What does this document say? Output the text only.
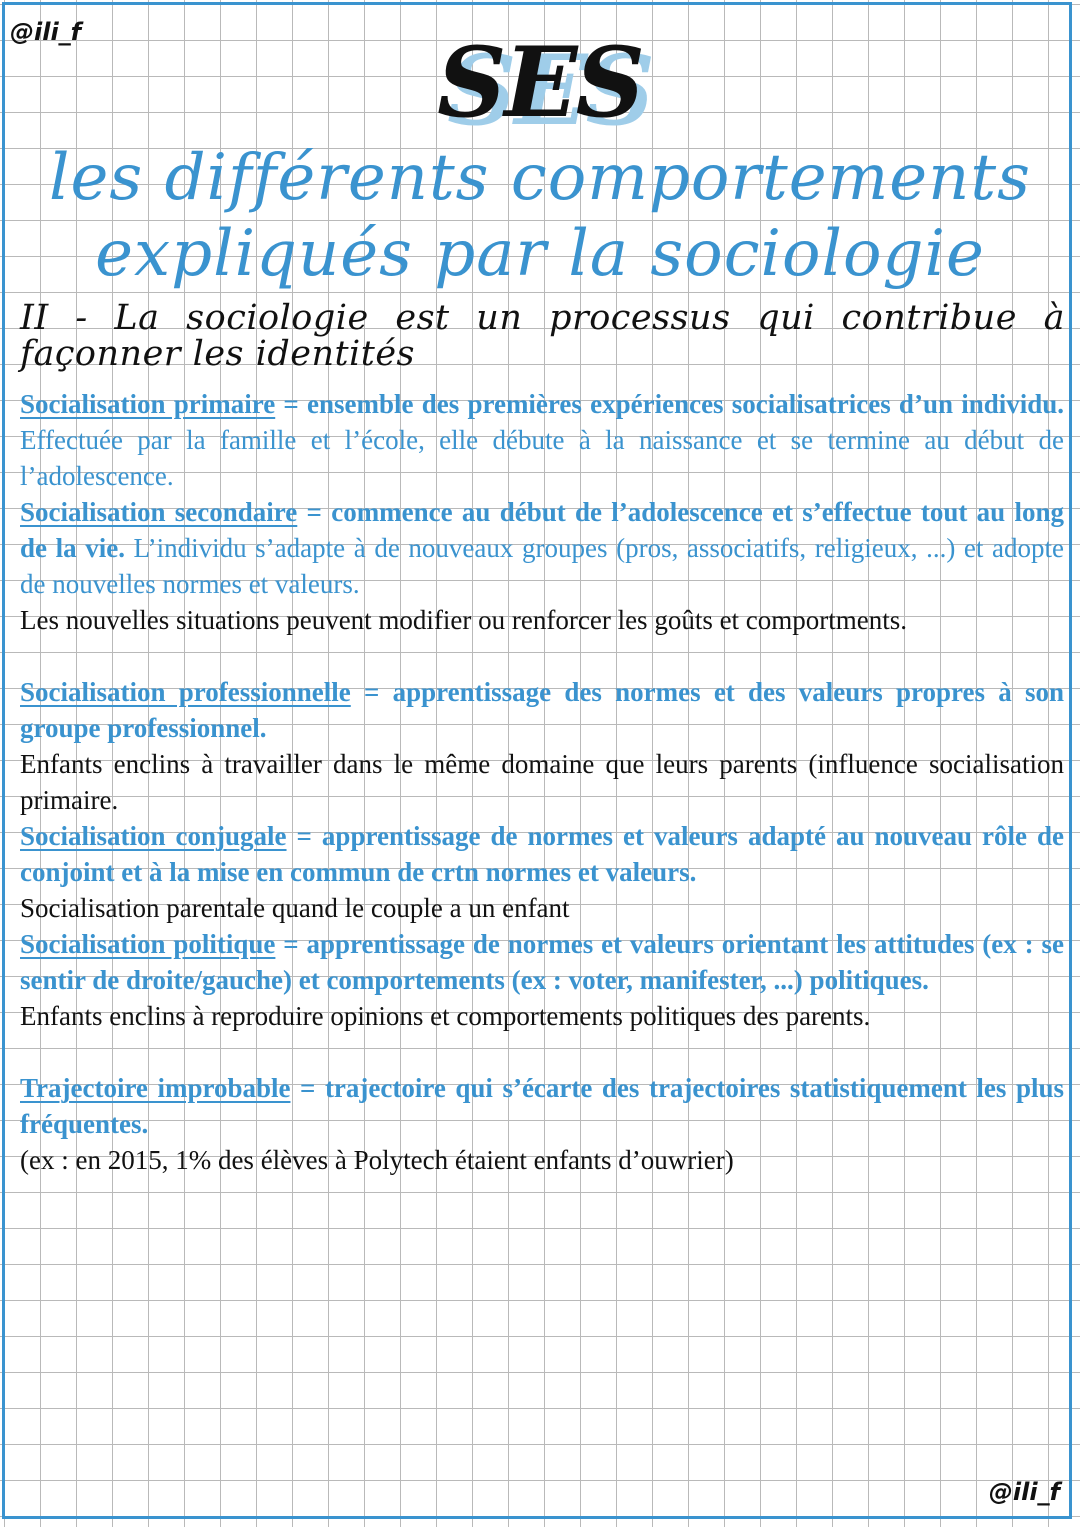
@ili_f	SES
les différents comportements
expliqués par la sociologie
II - La sociologie est un processus qui contribue à façonner les identités

Socialisation primaire = ensemble des premières expériences socialisatrices d’un individu. Effectuée par la famille et l’école, elle débute à la naissance et se termine au début de l’adolescence.

Socialisation secondaire = commence au début de l’adolescence et s’effectue tout au long de la vie. L’individu s’adapte à de nouveaux groupes (pros, associatifs, religieux, ...) et adopte de nouvelles normes et valeurs.

Les nouvelles situations peuvent modifier ou renforcer les goûts et comportments.

Socialisation professionnelle = apprentissage des normes et des valeurs propres à son groupe professionnel.

Enfants enclins à travailler dans le même domaine que leurs parents (influence socialisation primaire.

Socialisation conjugale = apprentissage de normes et valeurs adapté au nouveau rôle de conjoint et à la mise en commun de crtn normes et valeurs.

Socialisation parentale quand le couple a un enfant

Socialisation politique = apprentissage de normes et valeurs orientant les attitudes (ex : se sentir de droite/gauche) et comportements (ex : voter, manifester, ...) politiques.

Enfants enclins à reproduire opinions et comportements politiques des parents.

Trajectoire improbable = trajectoire qui s’écarte des trajectoires statistiquement les plus fréquentes.

(ex : en 2015, 1% des élèves à Polytech étaient enfants d’ouwrier)

@ili_f
